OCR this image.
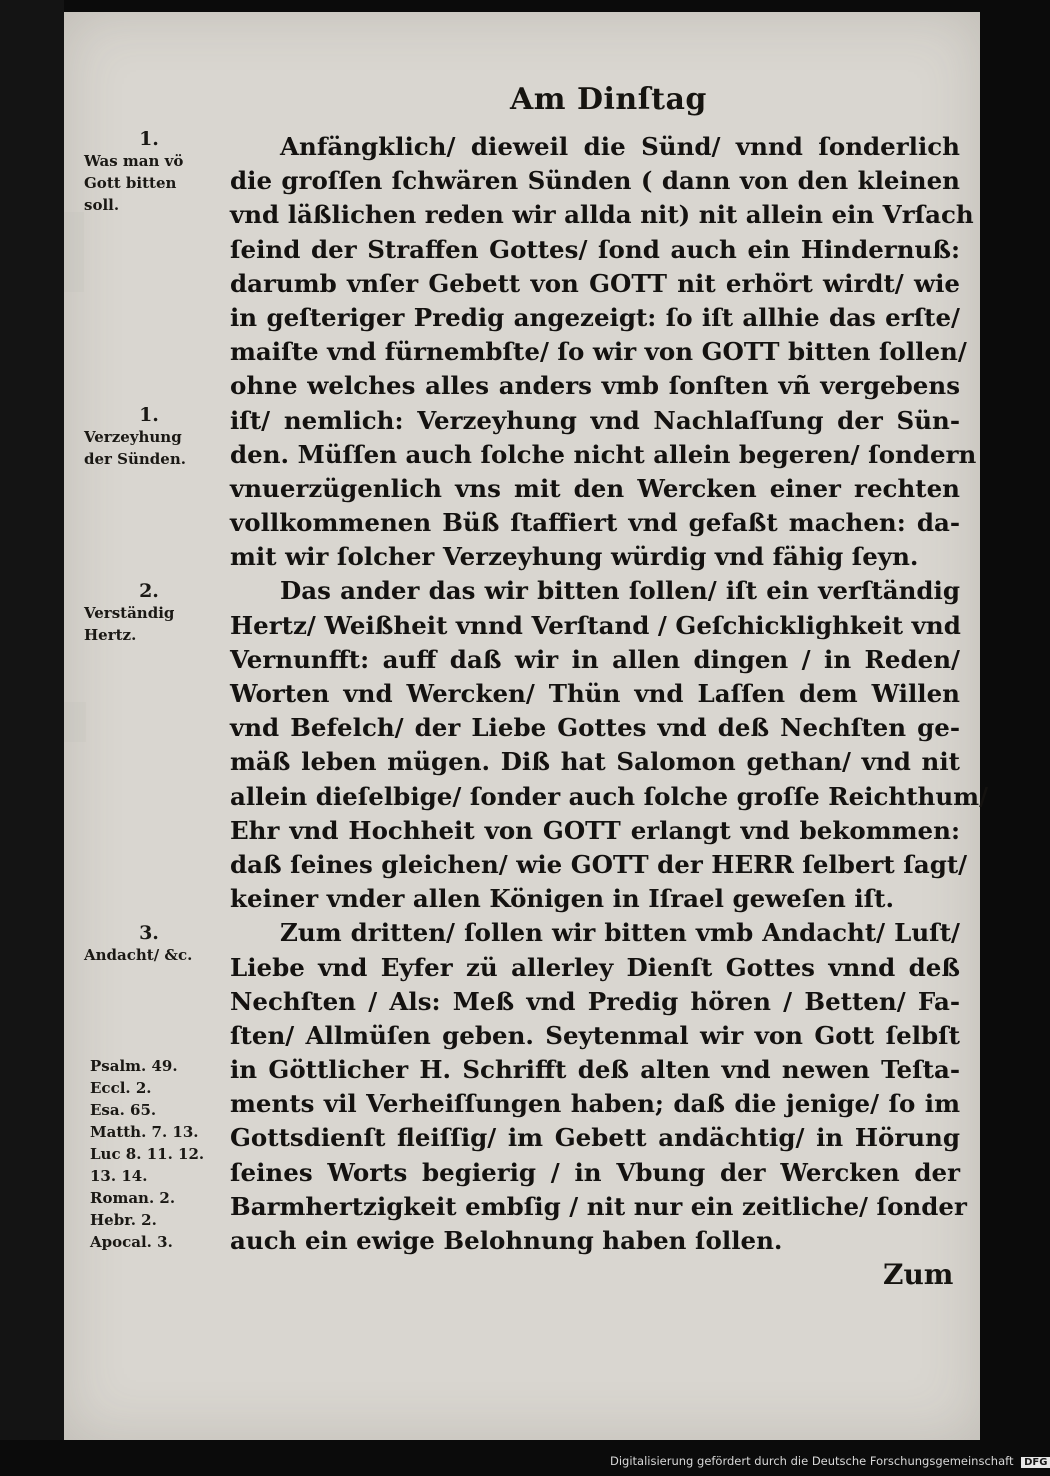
Am Dinſtag
Anfängklich/ dieweil die Sünd/ vnnd ſonderlich
die groſſen ſchwären Sünden ( dann von den kleinen
vnd läßlichen reden wir allda nit) nit allein ein Vrſach
ſeind der Straffen Gottes/ ſond auch ein Hindernuß:
darumb vnſer Gebett von GOTT nit erhört wirdt/ wie
in geſteriger Predig angezeigt: ſo iſt allhie das erſte/
maiſte vnd fürnembſte/ ſo wir von GOTT bitten ſollen/
ohne welches alles anders vmb ſonſten vñ vergebens
iſt/ nemlich: Verzeyhung vnd Nachlaſſung der Sün-
den. Müſſen auch ſolche nicht allein begeren/ ſondern
vnuerzügenlich vns mit den Wercken einer rechten
vollkommenen Büß ſtaffiert vnd gefaßt machen: da-
mit wir ſolcher Verzeyhung würdig vnd fähig ſeyn.
Das ander das wir bitten ſollen/ iſt ein verſtändig
Hertz/ Weißheit vnnd Verſtand / Geſchicklighkeit vnd
Vernunfft: auff daß wir in allen dingen / in Reden/
Worten vnd Wercken/ Thün vnd Laſſen dem Willen
vnd Befelch/ der Liebe Gottes vnd deß Nechſten ge-
mäß leben mügen. Diß hat Salomon gethan/ vnd nit
allein dieſelbige/ ſonder auch ſolche groſſe Reichthum/
Ehr vnd Hochheit von GOTT erlangt vnd bekommen:
daß ſeines gleichen/ wie GOTT der HERR ſelbert ſagt/
keiner vnder allen Königen in Iſrael geweſen iſt.
Zum dritten/ ſollen wir bitten vmb Andacht/ Luſt/
Liebe vnd Eyfer zü allerley Dienſt Gottes vnnd deß
Nechſten / Als: Meß vnd Predig hören / Betten/ Fa-
ſten/ Allmüſen geben. Seytenmal wir von Gott ſelbſt
in Göttlicher H. Schrifft deß alten vnd newen Teſta-
ments vil Verheiſſungen haben; daß die jenige/ ſo im
Gottsdienſt fleiſſig/ im Gebett andächtig/ in Hörung
ſeines Worts begierig / in Vbung der Wercken der
Barmhertzigkeit embſig / nit nur ein zeitliche/ ſonder
auch ein ewige Belohnung haben ſollen.
1.
Was man vö
Gott bitten
soll.
1.
Verzeyhung
der Sünden.
2.
Verständig
Hertz.
3.
Andacht/ &c.
Psalm. 49.
Eccl. 2.
Esa. 65.
Matth. 7. 13.
Luc 8. 11. 12.
13. 14.
Roman. 2.
Hebr. 2.
Apocal. 3.
Zum
Digitalisierung gefördert durch die Deutsche Forschungsgemeinschaft DFG
